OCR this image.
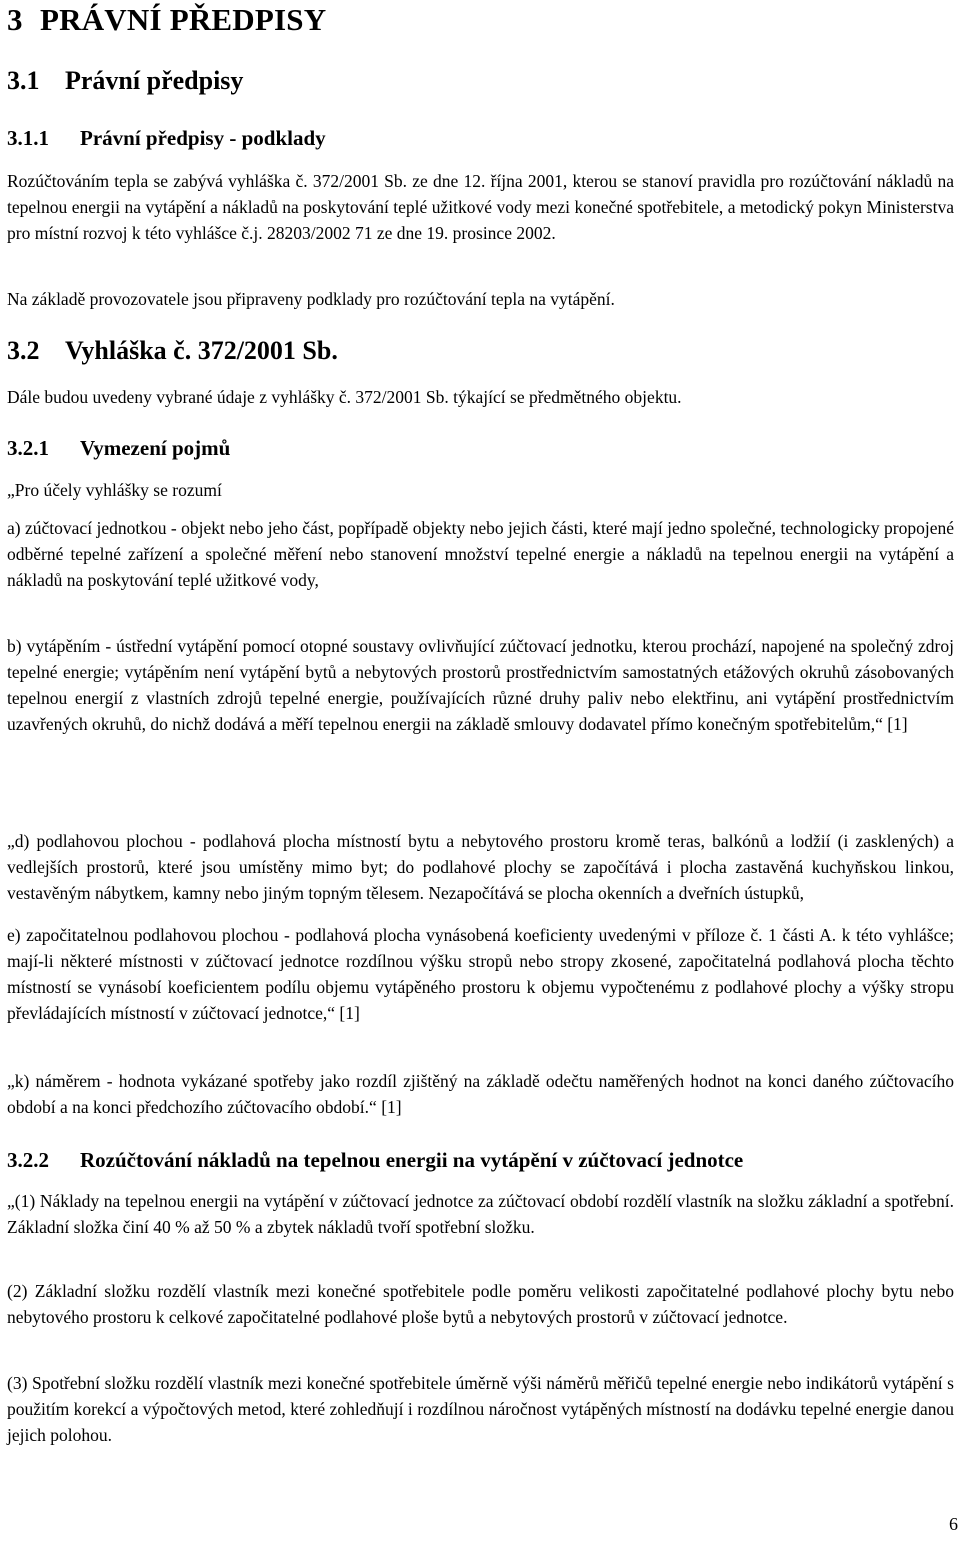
3 PRÁVNÍ PŘEDPISY
3.1 Právní předpisy
3.1.1 Právní předpisy - podklady

Rozúčtováním tepla se zabývá vyhláška č. 372/2001 Sb. ze dne 12. října 2001, kterou se stanoví pravidla pro rozúčtování nákladů na tepelnou energii na vytápění a nákladů na poskytování teplé užitkové vody mezi konečné spotřebitele, a metodický pokyn Ministerstva pro místní rozvoj k této vyhlášce č.j. 28203/2002 71 ze dne 19. prosince 2002.

Na základě provozovatele jsou připraveny podklady pro rozúčtování tepla na vytápění.

3.2 Vyhláška č. 372/2001 Sb.

Dále budou uvedeny vybrané údaje z vyhlášky č. 372/2001 Sb. týkající se předmětného objektu.

3.2.1 Vymezení pojmů

„Pro účely vyhlášky se rozumí

a) zúčtovací jednotkou - objekt nebo jeho část, popřípadě objekty nebo jejich části, které mají jedno společné, technologicky propojené odběrné tepelné zařízení a společné měření nebo stanovení množství tepelné energie a nákladů na tepelnou energii na vytápění a nákladů na poskytování teplé užitkové vody,

b) vytápěním - ústřední vytápění pomocí otopné soustavy ovlivňující zúčtovací jednotku, kterou prochází, napojené na společný zdroj tepelné energie; vytápěním není vytápění bytů a nebytových prostorů prostřednictvím samostatných etážových okruhů zásobovaných tepelnou energií z vlastních zdrojů tepelné energie, používajících různé druhy paliv nebo elektřinu, ani vytápění prostřednictvím uzavřených okruhů, do nichž dodává a měří tepelnou energii na základě smlouvy dodavatel přímo konečným spotřebitelům,“ [1]

„d) podlahovou plochou - podlahová plocha místností bytu a nebytového prostoru kromě teras, balkónů a lodžií (i zasklených) a vedlejších prostorů, které jsou umístěny mimo byt; do podlahové plochy se započítává i plocha zastavěná kuchyňskou linkou, vestavěným nábytkem, kamny nebo jiným topným tělesem. Nezapočítává se plocha okenních a dveřních ústupků,

e) započitatelnou podlahovou plochou - podlahová plocha vynásobená koeficienty uvedenými v příloze č. 1 části A. k této vyhlášce; mají-li některé místnosti v zúčtovací jednotce rozdílnou výšku stropů nebo stropy zkosené, započitatelná podlahová plocha těchto místností se vynásobí koeficientem podílu objemu vytápěného prostoru k objemu vypočtenému z podlahové plochy a výšky stropu převládajících místností v zúčtovací jednotce,“ [1]

„k) náměrem - hodnota vykázané spotřeby jako rozdíl zjištěný na základě odečtu naměřených hodnot na konci daného zúčtovacího období a na konci předchozího zúčtovacího období.“ [1]

3.2.2 Rozúčtování nákladů na tepelnou energii na vytápění v zúčtovací jednotce

„(1) Náklady na tepelnou energii na vytápění v zúčtovací jednotce za zúčtovací období rozdělí vlastník na složku základní a spotřební. Základní složka činí 40 % až 50 % a zbytek nákladů tvoří spotřební složku.

(2) Základní složku rozdělí vlastník mezi konečné spotřebitele podle poměru velikosti započitatelné podlahové plochy bytu nebo nebytového prostoru k celkové započitatelné podlahové ploše bytů a nebytových prostorů v zúčtovací jednotce.

(3) Spotřební složku rozdělí vlastník mezi konečné spotřebitele úměrně výši náměrů měřičů tepelné energie nebo indikátorů vytápění s použitím korekcí a výpočtových metod, které zohledňují i rozdílnou náročnost vytápěných místností na dodávku tepelné energie danou jejich polohou.

6
